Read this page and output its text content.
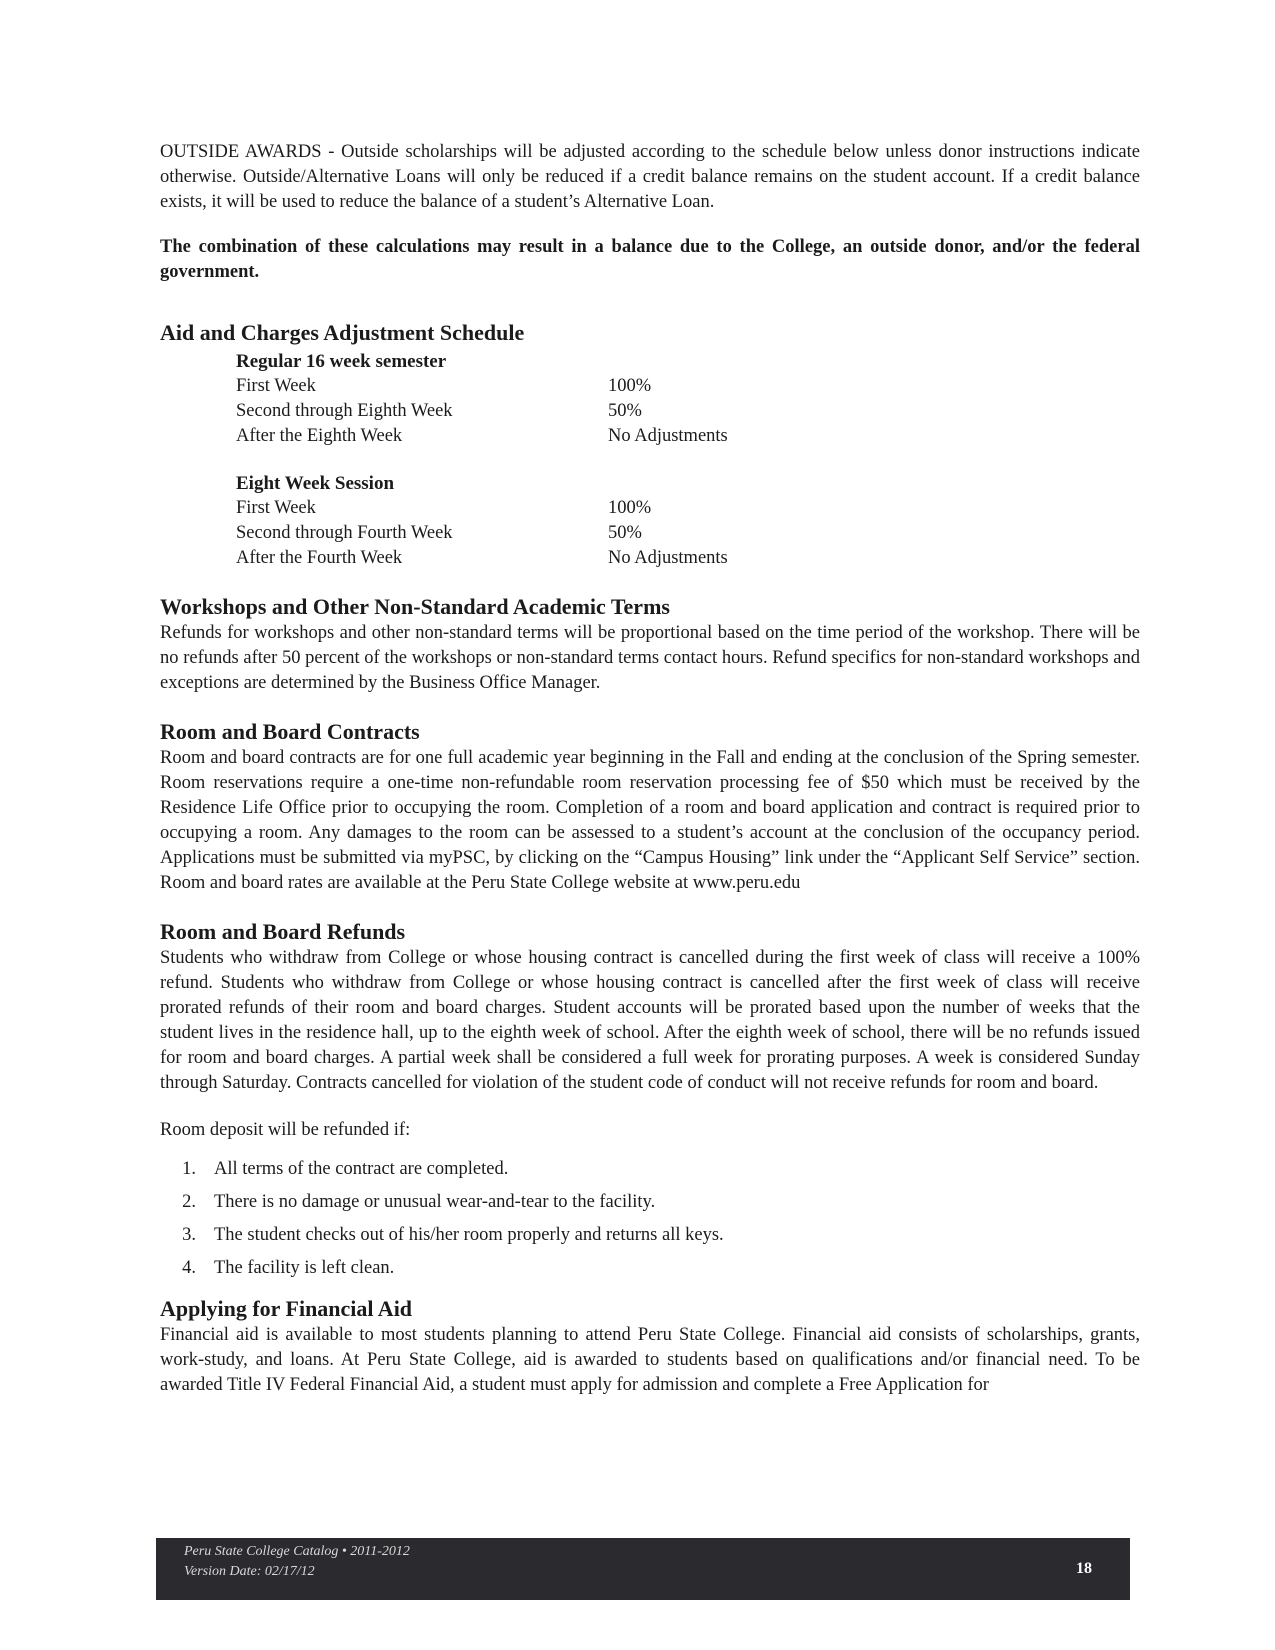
OUTSIDE AWARDS - Outside scholarships will be adjusted according to the schedule below unless donor instructions indicate otherwise. Outside/Alternative Loans will only be reduced if a credit balance remains on the student account. If a credit balance exists, it will be used to reduce the balance of a student’s Alternative Loan.

The combination of these calculations may result in a balance due to the College, an outside donor, and/or the federal government.

Aid and Charges Adjustment Schedule
Regular 16 week semester
First Week	100%
Second through Eighth Week	50%
After the Eighth Week	No Adjustments
Eight Week Session
First Week	100%
Second through Fourth Week	50%
After the Fourth Week	No Adjustments
Workshops and Other Non-Standard Academic Terms

Refunds for workshops and other non-standard terms will be proportional based on the time period of the workshop. There will be no refunds after 50 percent of the workshops or non-standard terms contact hours. Refund specifics for non-standard workshops and exceptions are determined by the Business Office Manager.

Room and Board Contracts

Room and board contracts are for one full academic year beginning in the Fall and ending at the conclusion of the Spring semester. Room reservations require a one-time non-refundable room reservation processing fee of $50 which must be received by the Residence Life Office prior to occupying the room. Completion of a room and board application and contract is required prior to occupying a room. Any damages to the room can be assessed to a student’s account at the conclusion of the occupancy period. Applications must be submitted via myPSC, by clicking on the “Campus Housing” link under the “Applicant Self Service” section. Room and board rates are available at the Peru State College website at www.peru.edu

Room and Board Refunds

Students who withdraw from College or whose housing contract is cancelled during the first week of class will receive a 100% refund. Students who withdraw from College or whose housing contract is cancelled after the first week of class will receive prorated refunds of their room and board charges. Student accounts will be prorated based upon the number of weeks that the student lives in the residence hall, up to the eighth week of school. After the eighth week of school, there will be no refunds issued for room and board charges. A partial week shall be considered a full week for prorating purposes. A week is considered Sunday through Saturday. Contracts cancelled for violation of the student code of conduct will not receive refunds for room and board.

Room deposit will be refunded if:

1. All terms of the contract are completed.
2. There is no damage or unusual wear-and-tear to the facility.
3. The student checks out of his/her room properly and returns all keys.
4. The facility is left clean.
Applying for Financial Aid

Financial aid is available to most students planning to attend Peru State College. Financial aid consists of scholarships, grants, work-study, and loans. At Peru State College, aid is awarded to students based on qualifications and/or financial need. To be awarded Title IV Federal Financial Aid, a student must apply for admission and complete a Free Application for

Peru State College Catalog • 2011-2012
Version Date: 02/17/12	18
